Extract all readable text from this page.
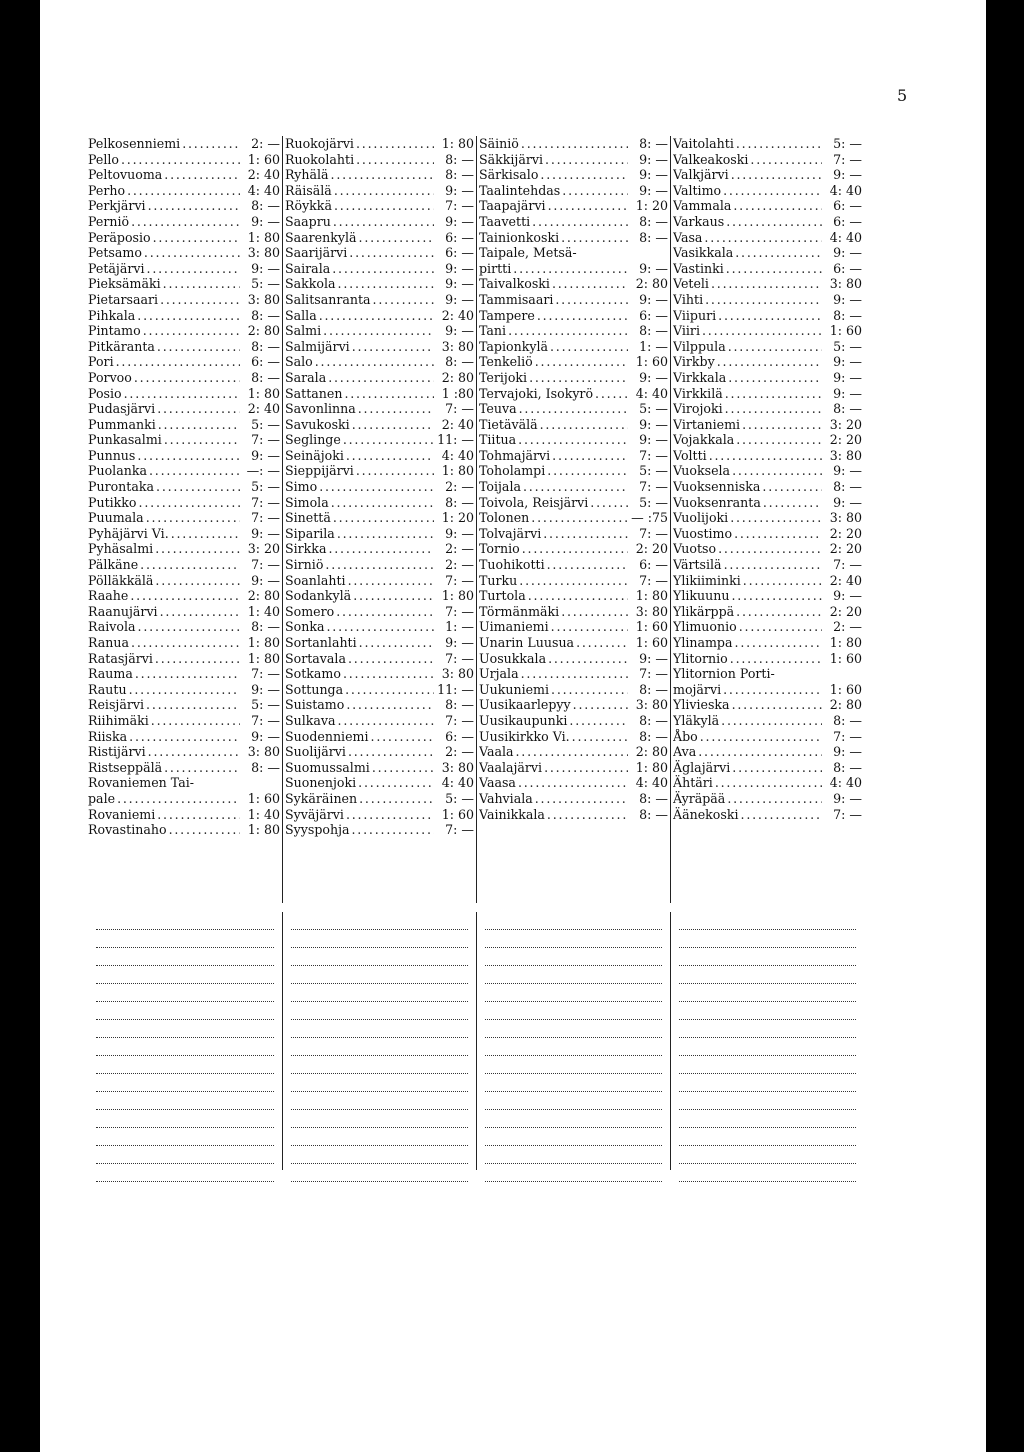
5
Pelkosenniemi .....	2: —
Pello .....	1: 60
Peltovuoma .....	2: 40
Perho .....	4: 40
Perkjärvi .....	8: —
Perniö .....	9: —
Peräposio .....	1: 80
Petsamo .....	3: 80
Petäjärvi .....	9: —
Pieksämäki .....	5: —
Pietarsaari .....	3: 80
Pihkala .....	8: —
Pintamo .....	2: 80
Pitkäranta .....	8: —
Pori .....	6: —
Porvoo .....	8: —
Posio .....	1: 80
Pudasjärvi .....	2: 40
Pummanki .....	5: —
Punkasalmi .....	7: —
Punnus .....	9: —
Puolanka .....	—: —
Purontaka .....	5: —
Putikko .....	7: —
Puumala .....	7: —
Pyhäjärvi Vi. .....	9: —
Pyhäsalmi .....	3: 20
Pälkäne .....	7: —
Pölläkkälä .....	9: —
Raahe .....	2: 80
Raanujärvi .....	1: 40
Raivola .....	8: —
Ranua .....	1: 80
Ratasjärvi .....	1: 80
Rauma .....	7: —
Rautu .....	9: —
Reisjärvi .....	5: —
Riihimäki .....	7: —
Riiska .....	9: —
Ristijärvi .....	3: 80
Ristseppälä .....	8: —
Rovaniemen Tai-
pale .....	1: 60
Rovaniemi .....	1: 40
Rovastinaho .....	1: 80
Ruokojärvi .....	1: 80
Ruokolahti .....	8: —
Ryhälä .....	8: —
Räisälä .....	9: —
Röykkä .....	7: —
Saapru .....	9: —
Saarenkylä .....	6: —
Saarijärvi .....	6: —
Sairala .....	9: —
Sakkola .....	9: —
Salitsanranta .....	9: —
Salla .....	2: 40
Salmi .....	9: —
Salmijärvi .....	3: 80
Salo .....	8: —
Sarala .....	2: 80
Sattanen .....	1 :80
Savonlinna .....	7: —
Savukoski .....	2: 40
Seglinge .....	11: —
Seinäjoki .....	4: 40
Sieppijärvi .....	1: 80
Simo .....	2: —
Simola .....	8: —
Sinettä .....	1: 20
Siparila .....	9: —
Sirkka .....	2: —
Sirniö .....	2: —
Soanlahti .....	7: —
Sodankylä .....	1: 80
Somero .....	7: —
Sonka .....	1: —
Sortanlahti .....	9: —
Sortavala .....	7: —
Sotkamo .....	3: 80
Sottunga .....	11: —
Suistamo .....	8: —
Sulkava .....	7: —
Suodenniemi .....	6: —
Suolijärvi .....	2: —
Suomussalmi .....	3: 80
Suonenjoki .....	4: 40
Sykäräinen .....	5: —
Syväjärvi .....	1: 60
Syyspohja .....	7: —
Säiniö .....	8: —
Säkkijärvi .....	9: —
Särkisalo .....	9: —
Taalintehdas .....	9: —
Taapajärvi .....	1: 20
Taavetti .....	8: —
Tainionkoski .....	8: —
Taipale, Metsä-
pirtti .....	9: —
Taivalkoski .....	2: 80
Tammisaari .....	9: —
Tampere .....	6: —
Tani .....	8: —
Tapionkylä .....	1: —
Tenkeliö .....	1: 60
Terijoki .....	9: —
Tervajoki, Isokyrö .....	4: 40
Teuva .....	5: —
Tietävälä .....	9: —
Tiitua .....	9: —
Tohmajärvi .....	7: —
Toholampi .....	5: —
Toijala .....	7: —
Toivola, Reisjärvi .....	5: —
Tolonen .....	— :75
Tolvajärvi .....	7: —
Tornio .....	2: 20
Tuohikotti .....	6: —
Turku .....	7: —
Turtola .....	1: 80
Törmänmäki .....	3: 80
Uimaniemi .....	1: 60
Unarin Luusua .....	1: 60
Uosukkala .....	9: —
Urjala .....	7: —
Uukuniemi .....	8: —
Uusikaarlepyy .....	3: 80
Uusikaupunki .....	8: —
Uusikirkko Vi. .....	8: —
Vaala .....	2: 80
Vaalajärvi .....	1: 80
Vaasa .....	4: 40
Vahviala .....	8: —
Vainikkala .....	8: —
Vaitolahti .....	5: —
Valkeakoski .....	7: —
Valkjärvi .....	9: —
Valtimo .....	4: 40
Vammala .....	6: —
Varkaus .....	6: —
Vasa .....	4: 40
Vasikkala .....	9: —
Vastinki .....	6: —
Veteli .....	3: 80
Vihti .....	9: —
Viipuri .....	8: —
Viiri .....	1: 60
Vilppula .....	5: —
Virkby .....	9: —
Virkkala .....	9: —
Virkkilä .....	9: —
Virojoki .....	8: —
Virtaniemi .....	3: 20
Vojakkala .....	2: 20
Voltti .....	3: 80
Vuoksela .....	9: —
Vuoksenniska .....	8: —
Vuoksenranta .....	9: —
Vuolijoki .....	3: 80
Vuostimo .....	2: 20
Vuotso .....	2: 20
Värtsilä .....	7: —
Ylikiiminki .....	2: 40
Ylikuunu .....	9: —
Ylikärppä .....	2: 20
Ylimuonio .....	2: —
Ylinampa .....	1: 80
Ylitornio .....	1: 60
Ylitornion Porti-
mojärvi .....	1: 60
Ylivieska .....	2: 80
Yläkylä .....	8: —
Åbo .....	7: —
Ava .....	9: —
Äglajärvi .....	8: —
Ähtäri .....	4: 40
Äyräpää .....	9: —
Äänekoski .....	7: —
